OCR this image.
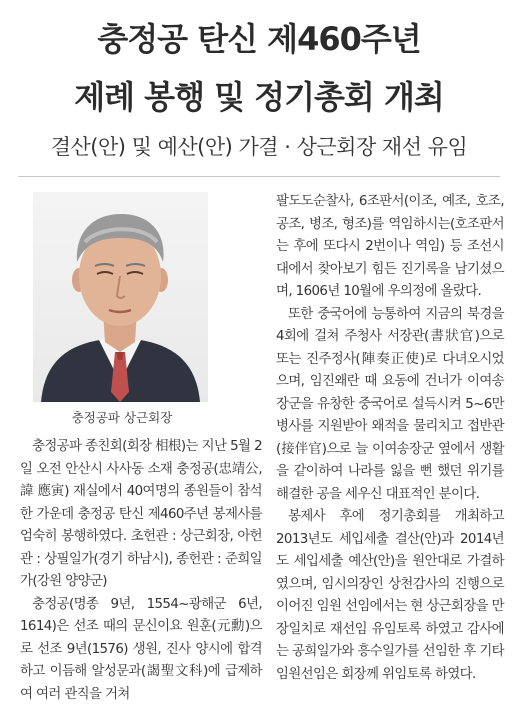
충정공 탄신 제460주년
제례 봉행 및 정기총회 개최
결산(안) 및 예산(안) 가결 · 상근회장 재선 유임
충정공파 상근회장

충정공파 종친회(회장 相根)는 지난 5월 2일 오전 안산시 사사동 소재 충정공(忠靖公, 諱 應寅) 재실에서 40여명의 종원들이 참석한 가운데 충정공 탄신 제460주년 봉제사를 엄숙히 봉행하였다. 초헌관 : 상근회장, 아헌관 : 상필일가(경기 하남시), 종헌관 : 준희일가(강원 양양군)

충정공(명종 9년, 1554~광해군 6년, 1614)은 선조 때의 문신이요 원훈(元勳)으로 선조 9년(1576) 생원, 진사 양시에 합격하고 이듬해 알성문과(謁聖文科)에 급제하여 여러 관직을 거쳐

팔도도순찰사, 6조판서(이조, 예조, 호조, 공조, 병조, 형조)를 역임하시는(호조판서는 후에 또다시 2번이나 역임) 등 조선시대에서 찾아보기 힘든 진기록을 남기셨으며, 1606년 10월에 우의정에 올랐다.

또한 중국어에 능통하여 지금의 북경을 4회에 걸쳐 주청사 서장관(書狀官)으로 또는 진주정사(陣奏正使)로 다녀오시었으며, 임진왜란 때 요동에 건너가 이여송장군을 유창한 중국어로 설득시켜 5~6만 병사를 지원받아 왜적을 물리치고 접반관(接伴官)으로 늘 이여송장군 옆에서 생활을 같이하여 나라를 잃을 뻔 했던 위기를 해결한 공을 세우신 대표적인 분이다.

봉제사 후에 정기총회를 개최하고 2013년도 세입세출 결산(안)과 2014년도 세입세출 예산(안)을 원안대로 가결하였으며, 임시의장인 상천감사의 진행으로 이어진 임원 선임에서는 현 상근회장을 만장일치로 재선임 유임토록 하였고 감사에는 공희일가와 흥수일가를 선임한 후 기타 임원선임은 회장께 위임토록 하였다.
